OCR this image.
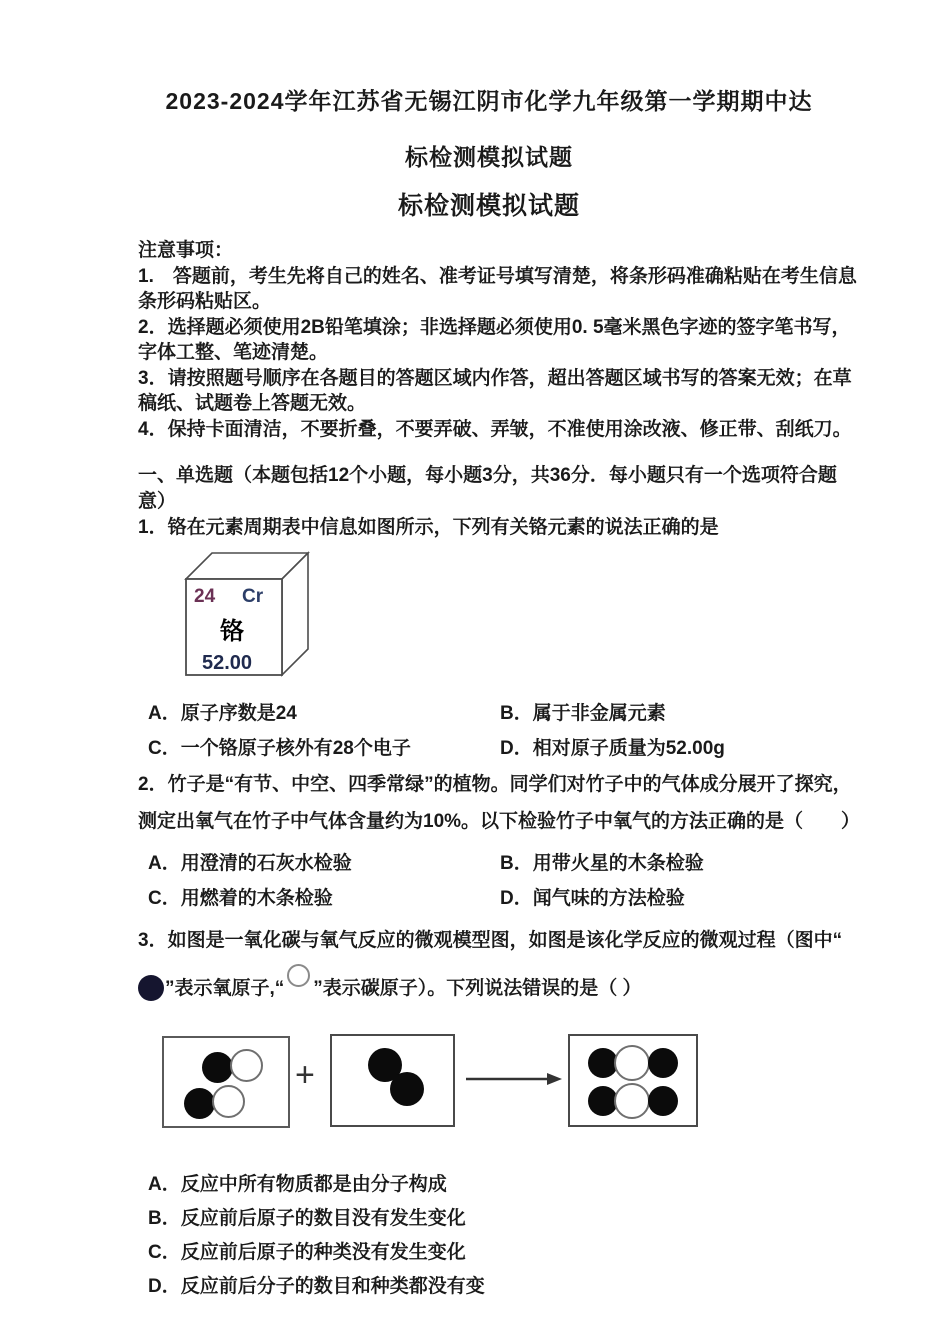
2023-2024学年江苏省无锡江阴市化学九年级第一学期期中达
标检测模拟试题
标检测模拟试题
注意事项：
1.　答题前，考生先将自己的姓名、准考证号填写清楚，将条形码准确粘贴在考生信息
条形码粘贴区。
2．选择题必须使用2B铅笔填涂；非选择题必须使用0. 5毫米黑色字迹的签字笔书写，
字体工整、笔迹清楚。
3．请按照题号顺序在各题目的答题区域内作答，超出答题区域书写的答案无效；在草
稿纸、试题卷上答题无效。
4．保持卡面清洁，不要折叠，不要弄破、弄皱，不准使用涂改液、修正带、刮纸刀。
一、单选题（本题包括12个小题，每小题3分，共36分．每小题只有一个选项符合题
意）
1．铬在元素周期表中信息如图所示，下列有关铬元素的说法正确的是
24 Cr
铬
52.00
A．原子序数是24	B．属于非金属元素
C．一个铬原子核外有28个电子	D．相对原子质量为52.00g
2．竹子是“有节、中空、四季常绿”的植物。同学们对竹子中的气体成分展开了探究，
测定出氧气在竹子中气体含量约为10%。以下检验竹子中氧气的方法正确的是（　　）
A．用澄清的石灰水检验	B．用带火星的木条检验
C．用燃着的木条检验	D．闻气味的方法检验
3．如图是一氧化碳与氧气反应的微观模型图，如图是该化学反应的微观过程（图中“
”表示氧原子,“ ”表示碳原子）。下列说法错误的是（ ）
+
A．反应中所有物质都是由分子构成
B．反应前后原子的数目没有发生变化
C．反应前后原子的种类没有发生变化
D．反应前后分子的数目和种类都没有变
